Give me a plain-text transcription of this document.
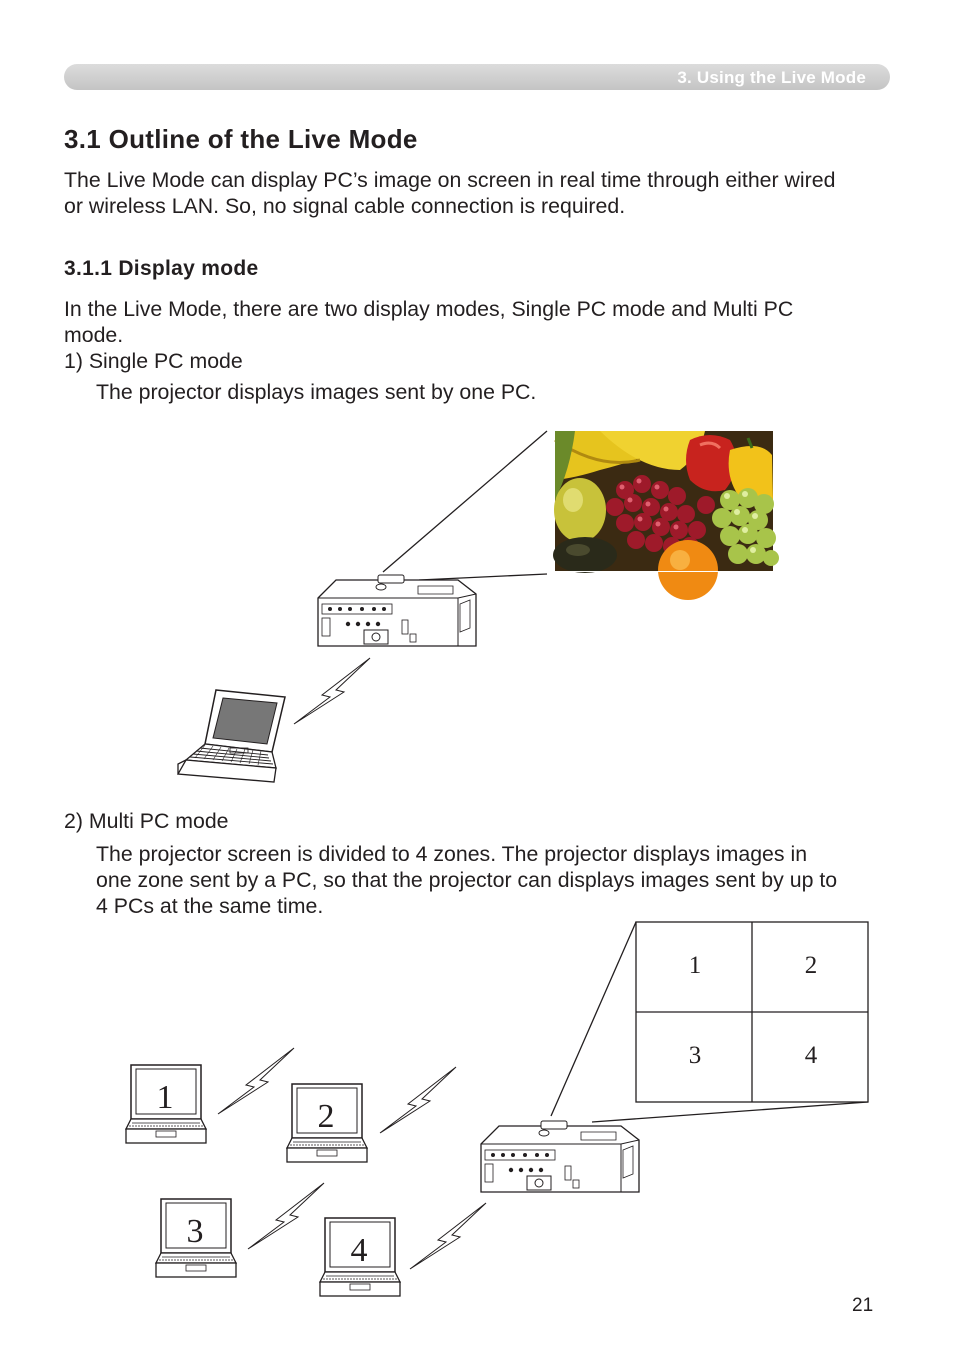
3. Using the Live Mode
3.1 Outline of the Live Mode

The Live Mode can display PC’s image on screen in real time through either wired

or wireless LAN. So, no signal cable connection is required.

3.1.1 Display mode

In the Live Mode, there are two display modes, Single PC mode and Multi PC

mode.

1) Single PC mode

The projector displays images sent by one PC.

2) Multi PC mode

The projector screen is divided to 4 zones. The projector displays images in

one zone sent by a PC, so that the projector can displays images sent by up to

4 PCs at the same time.

1	2
3	4
1
2
3
4
21
